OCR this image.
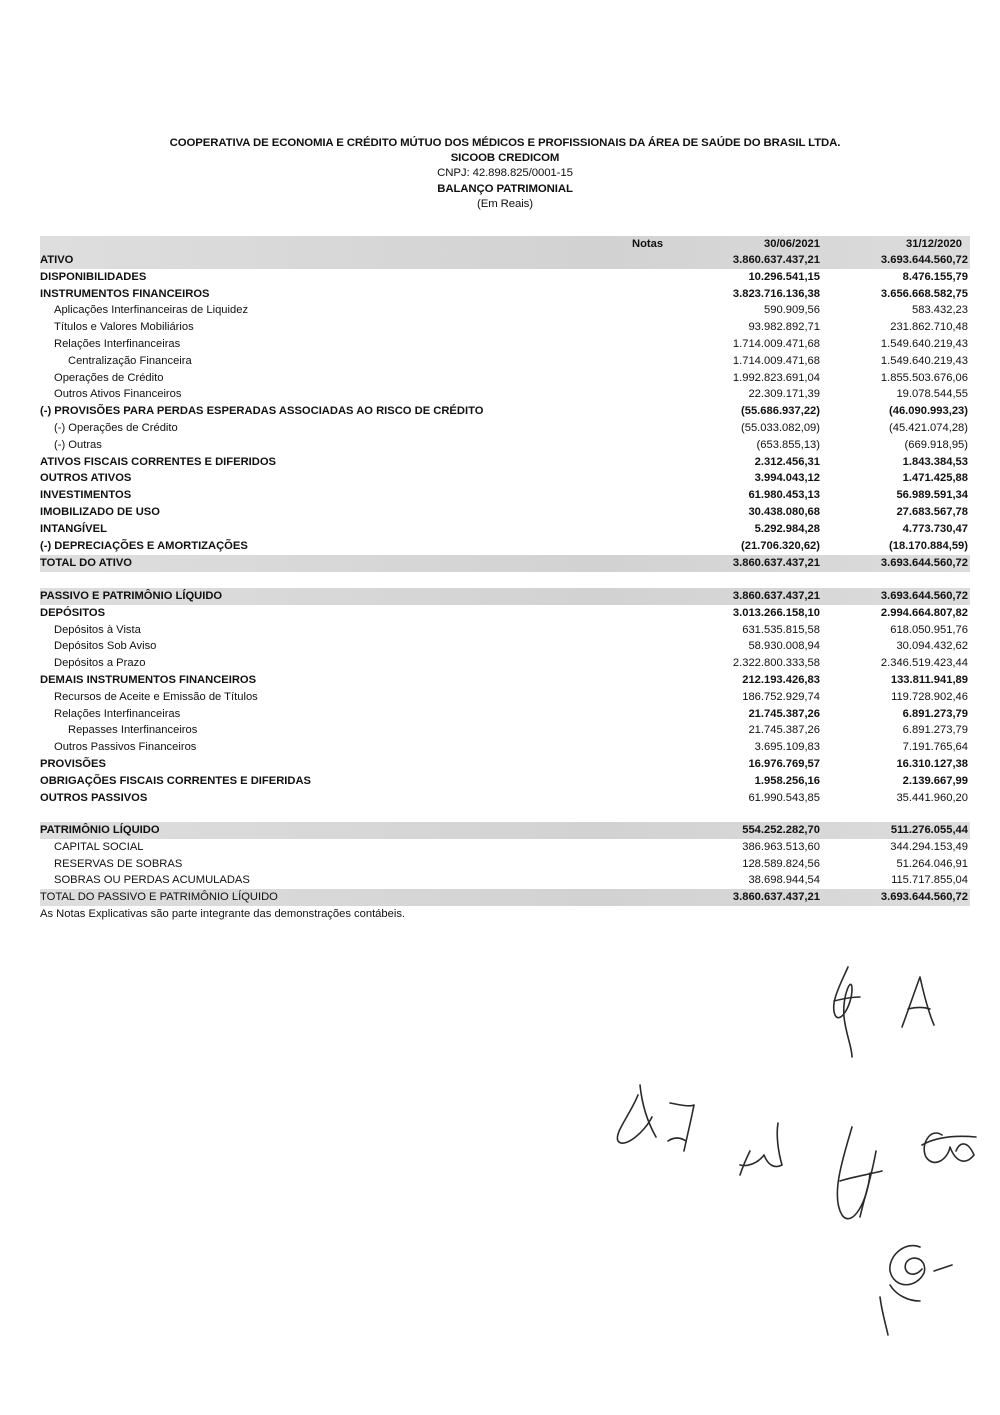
COOPERATIVA DE ECONOMIA E CRÉDITO MÚTUO DOS MÉDICOS E PROFISSIONAIS DA ÁREA DE SAÚDE DO BRASIL LTDA.
SICOOB CREDICOM
CNPJ: 42.898.825/0001-15
BALANÇO PATRIMONIAL
(Em Reais)
Notas	30/06/2021	31/12/2020
ATIVO	3.860.637.437,21	3.693.644.560,72
DISPONIBILIDADES	10.296.541,15	8.476.155,79
INSTRUMENTOS FINANCEIROS	3.823.716.136,38	3.656.668.582,75
Aplicações Interfinanceiras de Liquidez	590.909,56	583.432,23
Títulos e Valores Mobiliários	93.982.892,71	231.862.710,48
Relações Interfinanceiras	1.714.009.471,68	1.549.640.219,43
Centralização Financeira	1.714.009.471,68	1.549.640.219,43
Operações de Crédito	1.992.823.691,04	1.855.503.676,06
Outros Ativos Financeiros	22.309.171,39	19.078.544,55
(-) PROVISÕES PARA PERDAS ESPERADAS ASSOCIADAS AO RISCO DE CRÉDITO	(55.686.937,22)	(46.090.993,23)
(-) Operações de Crédito	(55.033.082,09)	(45.421.074,28)
(-) Outras	(653.855,13)	(669.918,95)
ATIVOS FISCAIS CORRENTES E DIFERIDOS	2.312.456,31	1.843.384,53
OUTROS ATIVOS	3.994.043,12	1.471.425,88
INVESTIMENTOS	61.980.453,13	56.989.591,34
IMOBILIZADO DE USO	30.438.080,68	27.683.567,78
INTANGÍVEL	5.292.984,28	4.773.730,47
(-) DEPRECIAÇÕES E AMORTIZAÇÕES	(21.706.320,62)	(18.170.884,59)
TOTAL DO ATIVO	3.860.637.437,21	3.693.644.560,72
PASSIVO E PATRIMÔNIO LÍQUIDO	3.860.637.437,21	3.693.644.560,72
DEPÓSITOS	3.013.266.158,10	2.994.664.807,82
Depósitos à Vista	631.535.815,58	618.050.951,76
Depósitos Sob Aviso	58.930.008,94	30.094.432,62
Depósitos a Prazo	2.322.800.333,58	2.346.519.423,44
DEMAIS INSTRUMENTOS FINANCEIROS	212.193.426,83	133.811.941,89
Recursos de Aceite e Emissão de Títulos	186.752.929,74	119.728.902,46
Relações Interfinanceiras	21.745.387,26	6.891.273,79
Repasses Interfinanceiros	21.745.387,26	6.891.273,79
Outros Passivos Financeiros	3.695.109,83	7.191.765,64
PROVISÕES	16.976.769,57	16.310.127,38
OBRIGAÇÕES FISCAIS CORRENTES E DIFERIDAS	1.958.256,16	2.139.667,99
OUTROS PASSIVOS	61.990.543,85	35.441.960,20
PATRIMÔNIO LÍQUIDO	554.252.282,70	511.276.055,44
CAPITAL SOCIAL	386.963.513,60	344.294.153,49
RESERVAS DE SOBRAS	128.589.824,56	51.264.046,91
SOBRAS OU PERDAS ACUMULADAS	38.698.944,54	115.717.855,04
TOTAL DO PASSIVO E PATRIMÔNIO LÍQUIDO	3.860.637.437,21	3.693.644.560,72
As Notas Explicativas são parte integrante das demonstrações contábeis.
